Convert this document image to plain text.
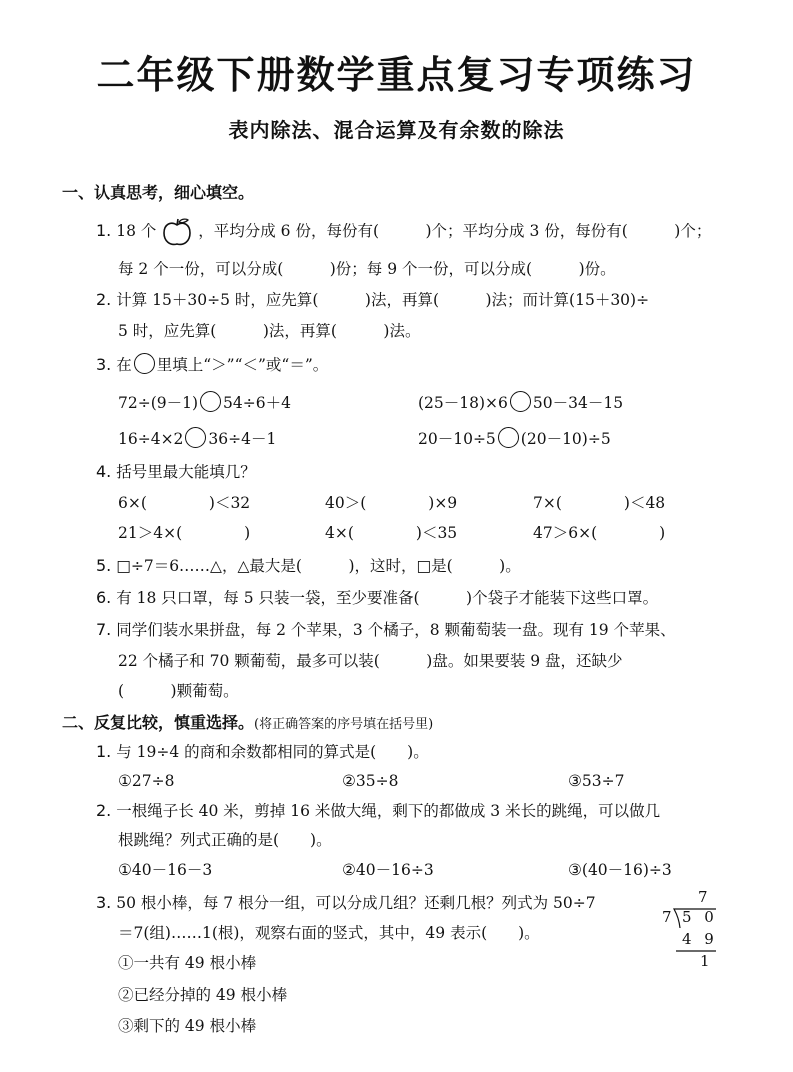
二年级下册数学重点复习专项练习
表内除法、混合运算及有余数的除法
一、认真思考，细心填空。
1. 18 个	，平均分成 6 份，每份有(　　　)个；平均分成 3 份，每份有(　　　)个；
每 2 个一份，可以分成(　　　)份；每 9 个一份，可以分成(　　　)份。
2. 计算 15＋30÷5 时，应先算(　　　)法，再算(　　　)法；而计算(15＋30)÷
5 时，应先算(　　　)法，再算(　　　)法。
3. 在 里填上“＞”“＜”或“＝”。
72÷(9－1) 54÷6＋4	(25－18)×6 50－34－15
16÷4×2 36÷4－1	20－10÷5 (20－10)÷5
4. 括号里最大能填几？
6×(　　　　)＜32	40＞(　　　　)×9	7×(　　　　)＜48
21＞4×(　　　　)	4×(　　　　)＜35	47＞6×(　　　　)
5. □÷7＝6……△，△最大是(　　　)，这时，□是(　　　)。
6. 有 18 只口罩，每 5 只装一袋，至少要准备(　　　)个袋子才能装下这些口罩。
7. 同学们装水果拼盘，每 2 个苹果，3 个橘子，8 颗葡萄装一盘。现有 19 个苹果、
22 个橘子和 70 颗葡萄，最多可以装(　　　)盘。如果要装 9 盘，还缺少
(　　　)颗葡萄。
二、反复比较，慎重选择。(将正确答案的序号填在括号里)
1. 与 19÷4 的商和余数都相同的算式是(　　)。
①27÷8	②35÷8	③53÷7
2. 一根绳子长 40 米，剪掉 16 米做大绳，剩下的都做成 3 米长的跳绳，可以做几
根跳绳？列式正确的是(　　)。
①40－16－3	②40－16÷3	③(40－16)÷3
3. 50 根小棒，每 7 根分一组，可以分成几组？还剩几根？列式为 50÷7
＝7(组)……1(根)，观察右面的竖式，其中，49 表示(　　)。
①一共有 49 根小棒
②已经分掉的 49 根小棒
③剩下的 49 根小棒
7
7 5 0
4 9
1
